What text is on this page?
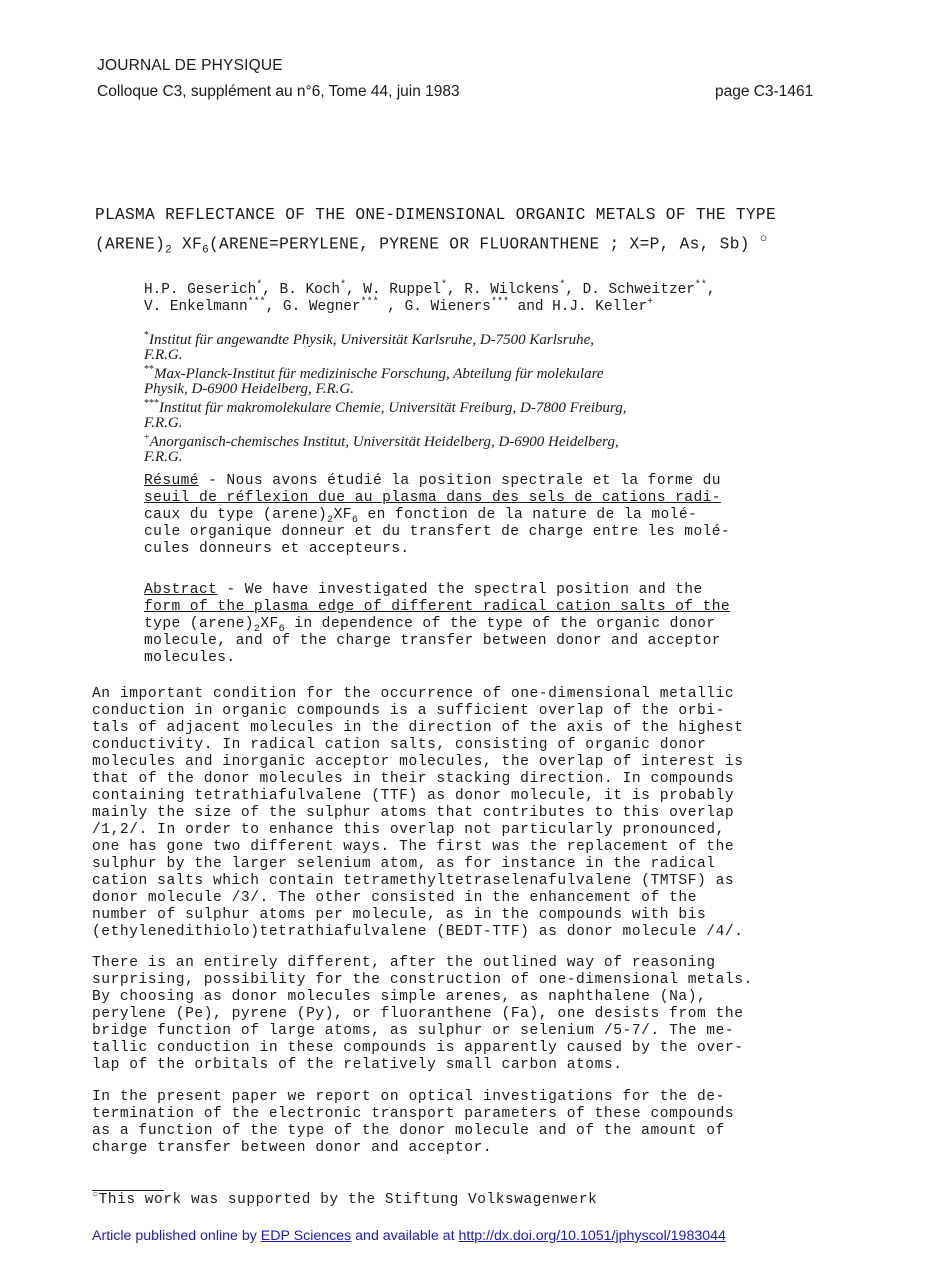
JOURNAL DE PHYSIQUE
Colloque C3, supplément au n°6, Tome 44, juin 1983	page C3-1461
PLASMA REFLECTANCE OF THE ONE-DIMENSIONAL ORGANIC METALS OF THE TYPE
$(ARENE)_2$ $XF_6(ARENE=PERYLENE$, PYRENE OR FLUORANTHENE ; X=P, As, Sb) ○
H.P. Geserich*, B. Koch*, W. Ruppel*, R. Wilckens*, D. Schweitzer**,
V. Enkelmann***, G. Wegner*** , G. Wieners*** and H.J. Keller+
*Institut für angewandte Physik, Universität Karlsruhe, D-7500 Karlsruhe,
F.R.G.
**Max-Planck-Institut für medizinische Forschung, Abteilung für molekulare
Physik, D-6900 Heidelberg, F.R.G.
***Institut für makromolekulare Chemie, Universität Freiburg, D-7800 Freiburg,
F.R.G.
+Anorganisch-chemisches Institut, Universität Heidelberg, D-6900 Heidelberg,
F.R.G.
Résumé - Nous avons étudié la position spectrale et la forme du
seuil de réflexion due au plasma dans des sels de cations radi-
caux du type $(arene)_2XF_6$ en fonction de la nature de la molé-
cule organique donneur et du transfert de charge entre les molé-
cules donneurs et accepteurs.
Abstract - We have investigated the spectral position and the
form of the plasma edge of different radical cation salts of the
type $(arene)_2XF_6$ in dependence of the type of the organic donor
molecule, and of the charge transfer between donor and acceptor
molecules.
An important condition for the occurrence of one-dimensional metallic
conduction in organic compounds is a sufficient overlap of the orbi-
tals of adjacent molecules in the direction of the axis of the highest
conductivity. In radical cation salts, consisting of organic donor
molecules and inorganic acceptor molecules, the overlap of interest is
that of the donor molecules in their stacking direction. In compounds
containing tetrathiafulvalene (TTF) as donor molecule, it is probably
mainly the size of the sulphur atoms that contributes to this overlap
/1,2/. In order to enhance this overlap not particularly pronounced,
one has gone two different ways. The first was the replacement of the
sulphur by the larger selenium atom, as for instance in the radical
cation salts which contain tetramethyltetraselenafulvalene (TMTSF) as
donor molecule /3/. The other consisted in the enhancement of the
number of sulphur atoms per molecule, as in the compounds with bis
(ethylenedithiolo)tetrathiafulvalene (BEDT-TTF) as donor molecule /4/.
There is an entirely different, after the outlined way of reasoning
surprising, possibility for the construction of one-dimensional metals.
By choosing as donor molecules simple arenes, as naphthalene (Na),
perylene (Pe), pyrene (Py), or fluoranthene (Fa), one desists from the
bridge function of large atoms, as sulphur or selenium /5-7/. The me-
tallic conduction in these compounds is apparently caused by the over-
lap of the orbitals of the relatively small carbon atoms.
In the present paper we report on optical investigations for the de-
termination of the electronic transport parameters of these compounds
as a function of the type of the donor molecule and of the amount of
charge transfer between donor and acceptor.
○This work was supported by the Stiftung Volkswagenwerk
Article published online by EDP Sciences and available at http://dx.doi.org/10.1051/jphyscol/1983044
